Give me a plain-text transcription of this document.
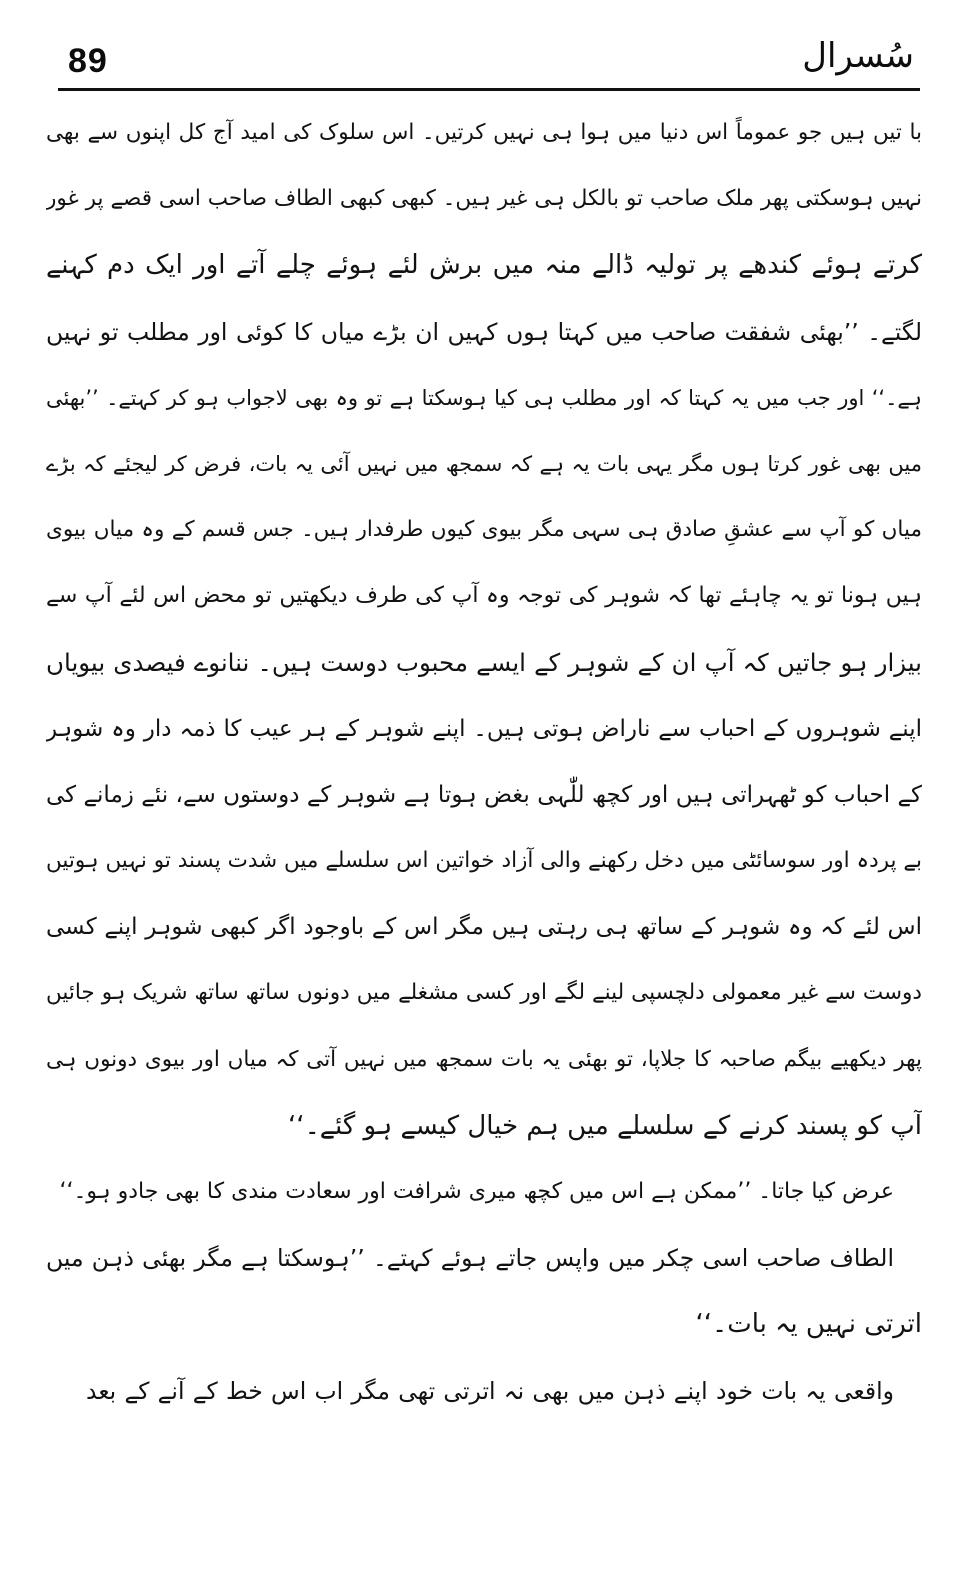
89	سُسرال
با تیں ہیں جو عموماً اس دنیا میں ہوا ہی نہیں کرتیں۔ اس سلوک کی امید آج کل اپنوں سے بھی
نہیں ہوسکتی پھر ملک صاحب تو بالکل ہی غیر ہیں۔ کبھی کبھی الطاف صاحب اسی قصے پر غور
کرتے ہوئے کندھے پر تولیہ ڈالے منہ میں برش لئے ہوئے چلے آتے اور ایک دم کہنے
لگتے۔ ’’بھئی شفقت صاحب میں کہتا ہوں کہیں ان بڑے میاں کا کوئی اور مطلب تو نہیں
ہے۔‘‘ اور جب میں یہ کہتا کہ اور مطلب ہی کیا ہوسکتا ہے تو وہ بھی لاجواب ہو کر کہتے۔ ’’بھئی
میں بھی غور کرتا ہوں مگر یہی بات یہ ہے کہ سمجھ میں نہیں آئی یہ بات، فرض کر لیجئے کہ بڑے
میاں کو آپ سے عشقِ صادق ہی سہی مگر بیوی کیوں طرفدار ہیں۔ جس قسم کے وہ میاں بیوی
ہیں ہونا تو یہ چاہئے تھا کہ شوہر کی توجہ وہ آپ کی طرف دیکھتیں تو محض اس لئے آپ سے
بیزار ہو جاتیں کہ آپ ان کے شوہر کے ایسے محبوب دوست ہیں۔ ننانوے فیصدی بیویاں
اپنے شوہروں کے احباب سے ناراض ہوتی ہیں۔ اپنے شوہر کے ہر عیب کا ذمہ دار وہ شوہر
کے احباب کو ٹھہراتی ہیں اور کچھ للّٰہی بغض ہوتا ہے شوہر کے دوستوں سے، نئے زمانے کی
بے پردہ اور سوسائٹی میں دخل رکھنے والی آزاد خواتین اس سلسلے میں شدت پسند تو نہیں ہوتیں
اس لئے کہ وہ شوہر کے ساتھ ہی رہتی ہیں مگر اس کے باوجود اگر کبھی شوہر اپنے کسی
دوست سے غیر معمولی دلچسپی لینے لگے اور کسی مشغلے میں دونوں ساتھ ساتھ شریک ہو جائیں
پھر دیکھیے بیگم صاحبہ کا جلاپا، تو بھئی یہ بات سمجھ میں نہیں آتی کہ میاں اور بیوی دونوں ہی
آپ کو پسند کرنے کے سلسلے میں ہم خیال کیسے ہو گئے۔‘‘
عرض کیا جاتا۔ ’’ممکن ہے اس میں کچھ میری شرافت اور سعادت مندی کا بھی جادو ہو۔‘‘
الطاف صاحب اسی چکر میں واپس جاتے ہوئے کہتے۔ ’’ہوسکتا ہے مگر بھئی ذہن میں
اترتی نہیں یہ بات۔‘‘
واقعی یہ بات خود اپنے ذہن میں بھی نہ اترتی تھی مگر اب اس خط کے آنے کے بعد
